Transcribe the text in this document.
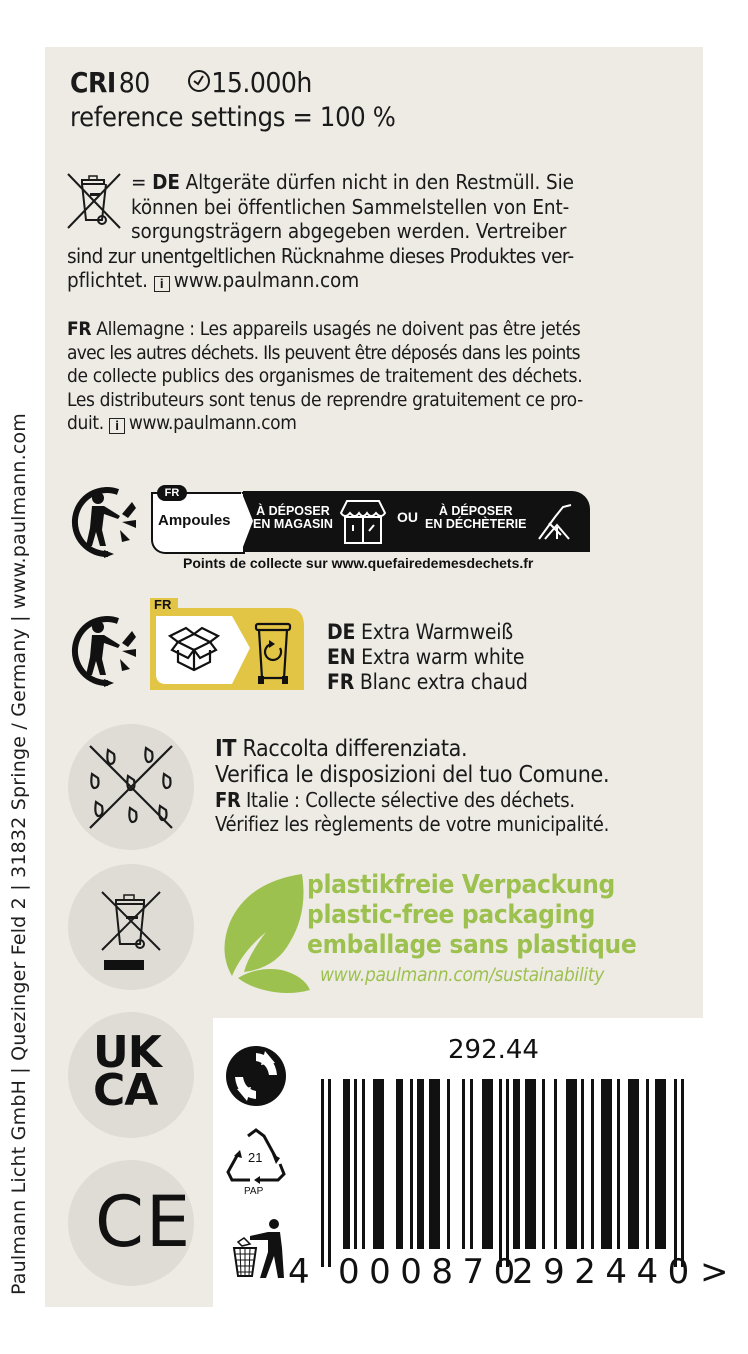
Paulmann Licht GmbH | Quezinger Feld 2 | 31832 Springe / Germany | www.paulmann.com
CRI 80 15.000h
reference settings = 100 %
= DE Altgeräte dürfen nicht in den Restmüll. Sie
können bei öffentlichen Sammelstellen von Ent-
sorgungsträgern abgegeben werden. Vertreiber
sind zur unentgeltlichen Rücknahme dieses Produktes ver-
pflichtet. i www.paulmann.com
FR Allemagne : Les appareils usagés ne doivent pas être jetés
avec les autres déchets. Ils peuvent être déposés dans les points
de collecte publics des organismes de traitement des déchets.
Les distributeurs sont tenus de reprendre gratuitement ce pro-
duit. i www.paulmann.com
FR
Ampoules
À DÉPOSER
EN MAGASIN	OU	À DÉPOSER
EN DÉCHÈTERIE
Points de collecte sur www.quefairedemesdechets.fr
FR
DE Extra Warmweiß
EN Extra warm white
FR Blanc extra chaud
IT Raccolta differenziata.
Verifica le disposizioni del tuo Comune.
FR Italie : Collecte sélective des déchets.
Vérifiez les règlements de votre municipalité.
plastikfreie Verpackung
plastic-free packaging
emballage sans plastique
www.paulmann.com/sustainability
UK
CA
CE
21
PAP
292.44
4 000870
292440 >
